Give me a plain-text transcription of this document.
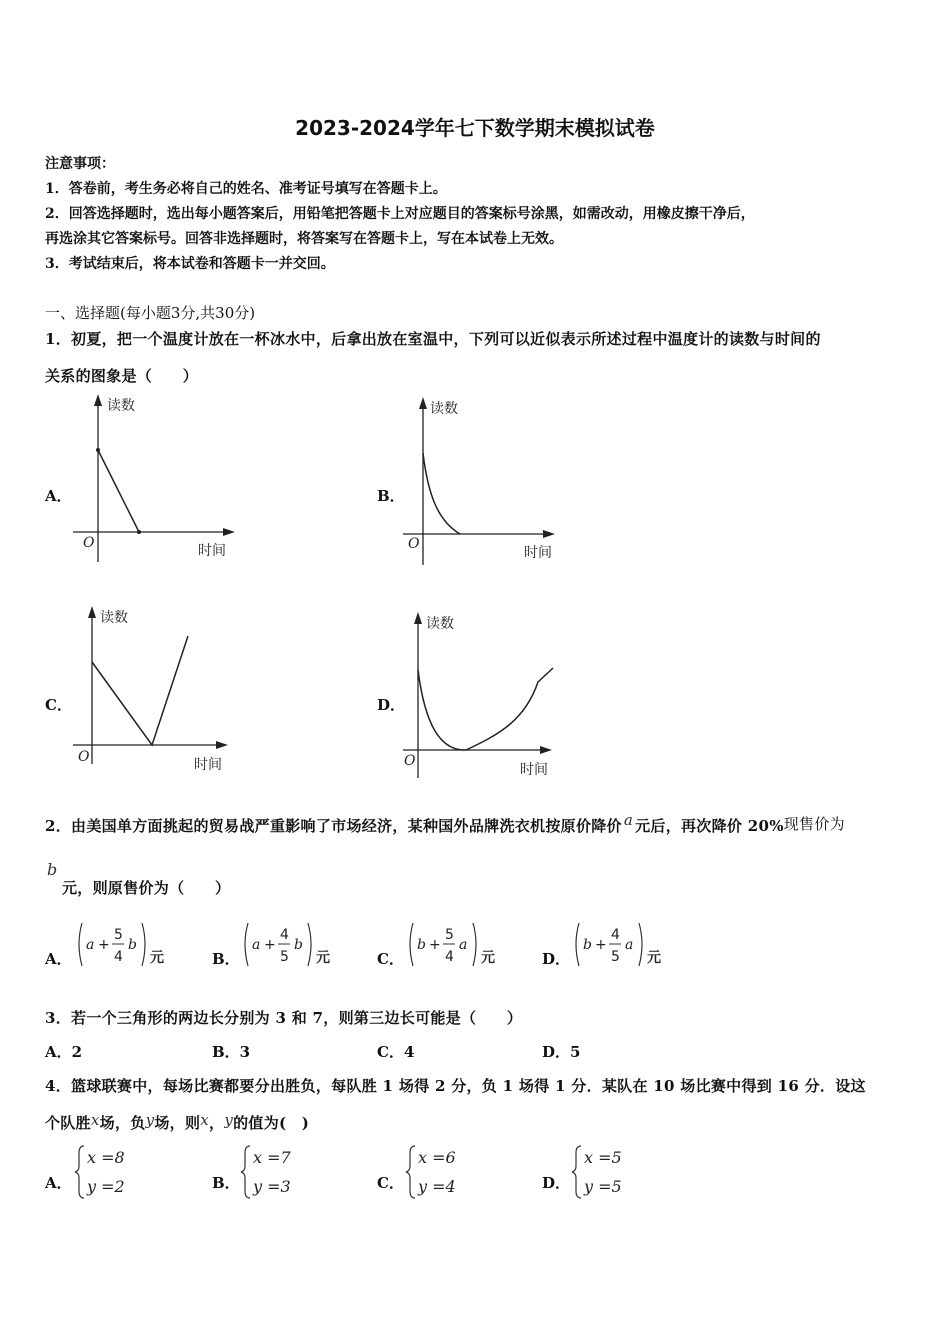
2023-2024学年七下数学期末模拟试卷
注意事项：
1．答卷前，考生务必将自己的姓名、准考证号填写在答题卡上。
2．回答选择题时，选出每小题答案后，用铅笔把答题卡上对应题目的答案标号涂黑，如需改动，用橡皮擦干净后，
再选涂其它答案标号。回答非选择题时，将答案写在答题卡上，写在本试卷上无效。
3．考试结束后，将本试卷和答题卡一并交回。
一、选择题(每小题3分,共30分)
1．初夏，把一个温度计放在一杯冰水中，后拿出放在室温中，下列可以近似表示所述过程中温度计的读数与时间的
关系的图象是（　　）
A．	B．
C．	D．
读数
时间
O
读数
时间
O
读数
时间
O
读数
时间
O
2．由美国单方面挑起的贸易战严重影响了市场经济，某种国外品牌洗衣机按原价降价 a 元后，再次降价 20%现售价为
b
元，则原售价为（　　）
A．	B．	C．	D．
a +
5
4
b
元
a +
4
5
b
元
b +
5
4
a
元
b +
4
5
a
元
3．若一个三角形的两边长分别为 3 和 7，则第三边长可能是（　　）
A．2	B．3	C．4	D．5
4．篮球联赛中，每场比赛都要分出胜负，每队胜 1 场得 2 分，负 1 场得 1 分．某队在 10 场比赛中得到 16 分．设这
个队胜x场，负y场，则x，y的值为(　)
A．	B．	C．	D．
x =8
y =2
x =7
y =3
x =6
y =4
x =5
y =5
